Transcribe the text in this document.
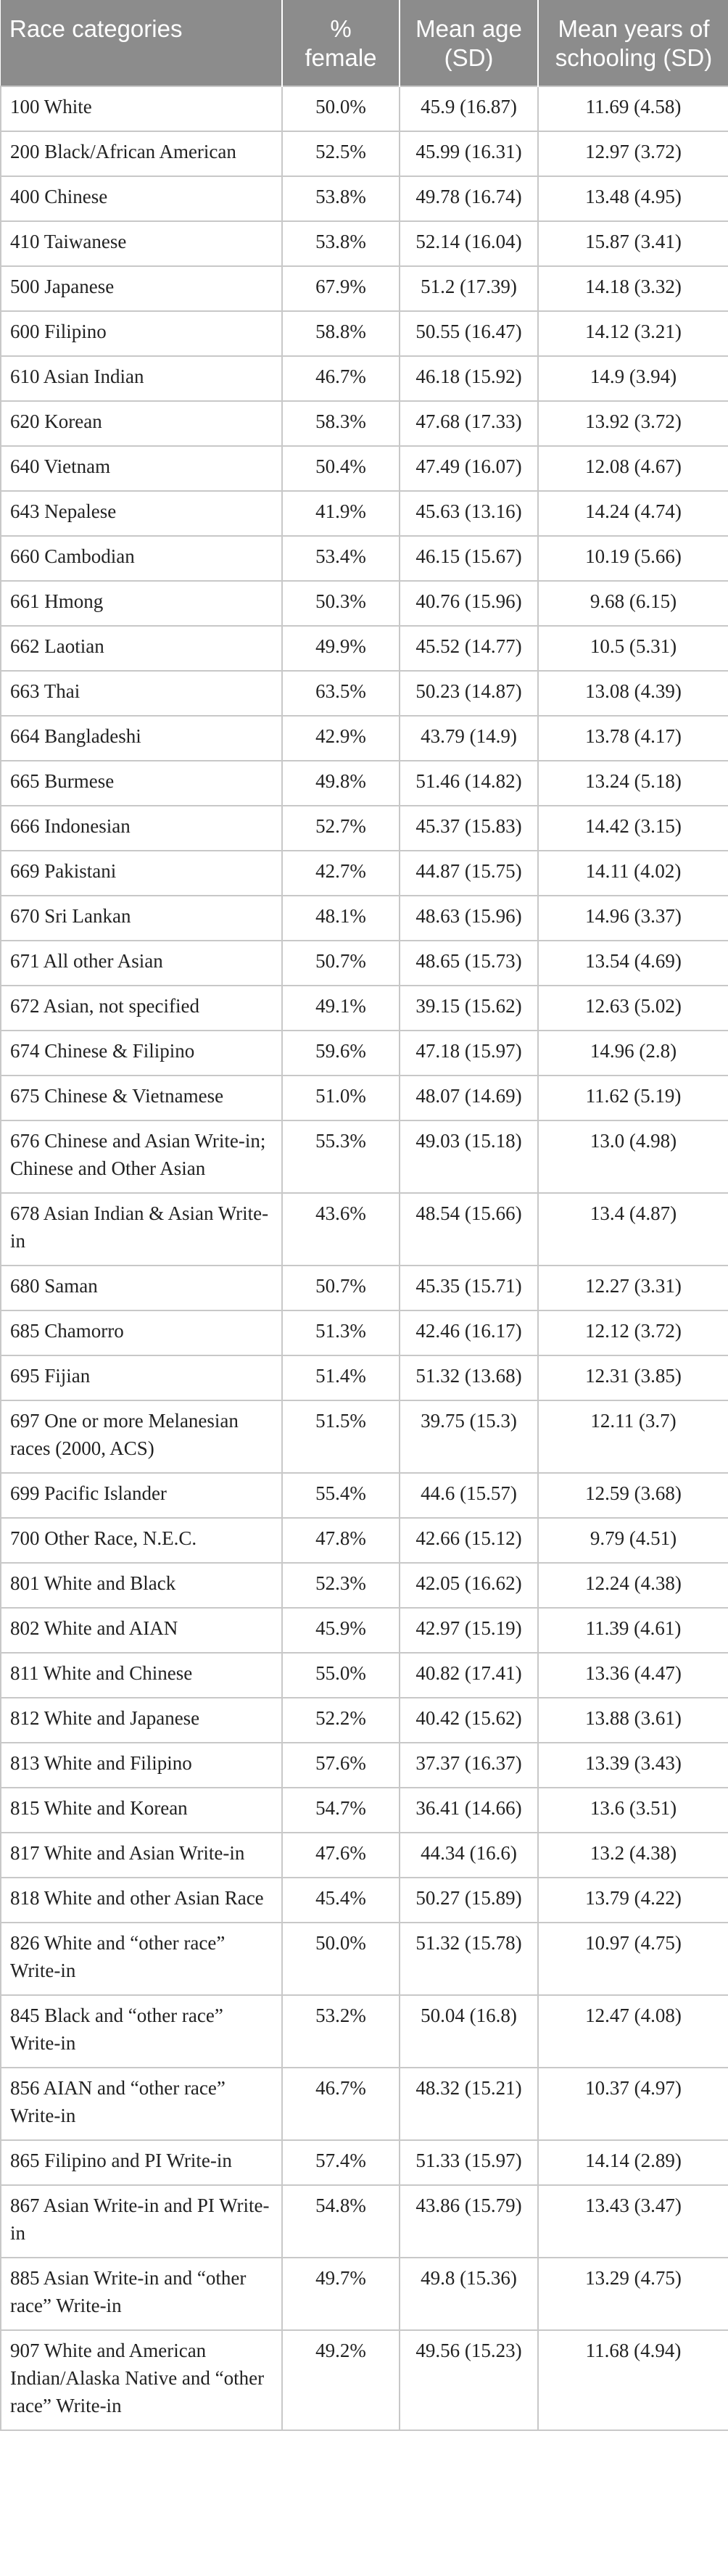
Race categories	% female	Mean age (SD)	Mean years of schooling (SD)
100 White	50.0%	45.9 (16.87)	11.69 (4.58)
200 Black/African American	52.5%	45.99 (16.31)	12.97 (3.72)
400 Chinese	53.8%	49.78 (16.74)	13.48 (4.95)
410 Taiwanese	53.8%	52.14 (16.04)	15.87 (3.41)
500 Japanese	67.9%	51.2 (17.39)	14.18 (3.32)
600 Filipino	58.8%	50.55 (16.47)	14.12 (3.21)
610 Asian Indian	46.7%	46.18 (15.92)	14.9 (3.94)
620 Korean	58.3%	47.68 (17.33)	13.92 (3.72)
640 Vietnam	50.4%	47.49 (16.07)	12.08 (4.67)
643 Nepalese	41.9%	45.63 (13.16)	14.24 (4.74)
660 Cambodian	53.4%	46.15 (15.67)	10.19 (5.66)
661 Hmong	50.3%	40.76 (15.96)	9.68 (6.15)
662 Laotian	49.9%	45.52 (14.77)	10.5 (5.31)
663 Thai	63.5%	50.23 (14.87)	13.08 (4.39)
664 Bangladeshi	42.9%	43.79 (14.9)	13.78 (4.17)
665 Burmese	49.8%	51.46 (14.82)	13.24 (5.18)
666 Indonesian	52.7%	45.37 (15.83)	14.42 (3.15)
669 Pakistani	42.7%	44.87 (15.75)	14.11 (4.02)
670 Sri Lankan	48.1%	48.63 (15.96)	14.96 (3.37)
671 All other Asian	50.7%	48.65 (15.73)	13.54 (4.69)
672 Asian, not specified	49.1%	39.15 (15.62)	12.63 (5.02)
674 Chinese & Filipino	59.6%	47.18 (15.97)	14.96 (2.8)
675 Chinese & Vietnamese	51.0%	48.07 (14.69)	11.62 (5.19)
676 Chinese and Asian Write-in; Chinese and Other Asian	55.3%	49.03 (15.18)	13.0 (4.98)
678 Asian Indian & Asian Write-in	43.6%	48.54 (15.66)	13.4 (4.87)
680 Saman	50.7%	45.35 (15.71)	12.27 (3.31)
685 Chamorro	51.3%	42.46 (16.17)	12.12 (3.72)
695 Fijian	51.4%	51.32 (13.68)	12.31 (3.85)
697 One or more Melanesian races (2000, ACS)	51.5%	39.75 (15.3)	12.11 (3.7)
699 Pacific Islander	55.4%	44.6 (15.57)	12.59 (3.68)
700 Other Race, N.E.C.	47.8%	42.66 (15.12)	9.79 (4.51)
801 White and Black	52.3%	42.05 (16.62)	12.24 (4.38)
802 White and AIAN	45.9%	42.97 (15.19)	11.39 (4.61)
811 White and Chinese	55.0%	40.82 (17.41)	13.36 (4.47)
812 White and Japanese	52.2%	40.42 (15.62)	13.88 (3.61)
813 White and Filipino	57.6%	37.37 (16.37)	13.39 (3.43)
815 White and Korean	54.7%	36.41 (14.66)	13.6 (3.51)
817 White and Asian Write-in	47.6%	44.34 (16.6)	13.2 (4.38)
818 White and other Asian Race	45.4%	50.27 (15.89)	13.79 (4.22)
826 White and “other race” Write-in	50.0%	51.32 (15.78)	10.97 (4.75)
845 Black and “other race” Write-in	53.2%	50.04 (16.8)	12.47 (4.08)
856 AIAN and “other race” Write-in	46.7%	48.32 (15.21)	10.37 (4.97)
865 Filipino and PI Write-in	57.4%	51.33 (15.97)	14.14 (2.89)
867 Asian Write-in and PI Write-in	54.8%	43.86 (15.79)	13.43 (3.47)
885 Asian Write-in and “other race” Write-in	49.7%	49.8 (15.36)	13.29 (4.75)
907 White and American Indian/Alaska Native and “other race” Write-in	49.2%	49.56 (15.23)	11.68 (4.94)
